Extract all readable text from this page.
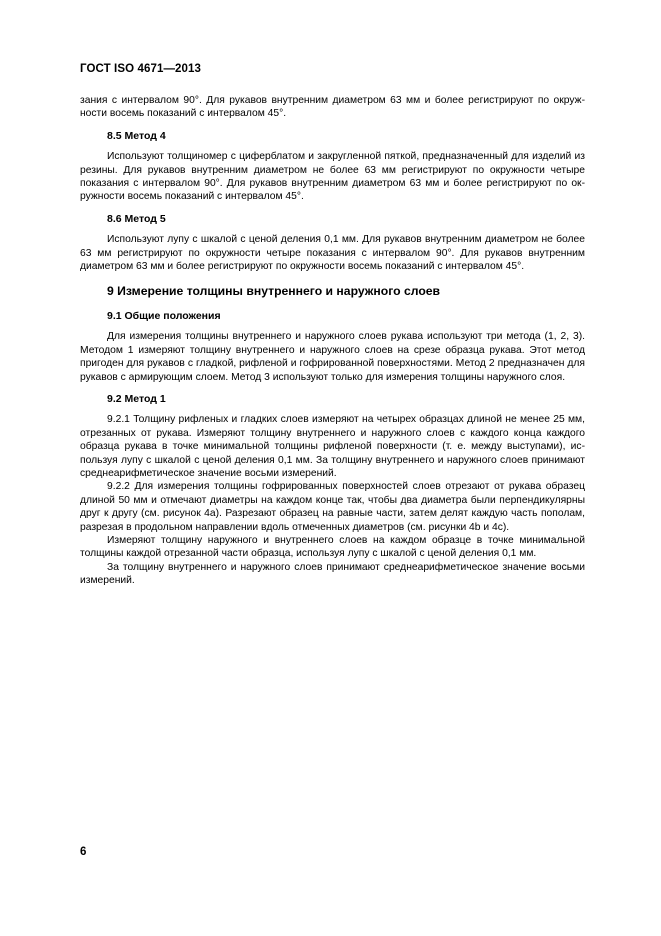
ГОСТ ISO 4671—2013

зания с интервалом 90°. Для рукавов внутренним диаметром 63 мм и более регистрируют по окружности восемь показаний с интервалом 45°.

8.5 Метод 4

Используют толщиномер с циферблатом и закругленной пяткой, предназначенный для изделий из резины. Для рукавов внутренним диаметром не более 63 мм регистрируют по окружности четыре показания с интервалом 90°. Для рукавов внутренним диаметром 63 мм и более регистрируют по окружности восемь показаний с интервалом 45°.

8.6 Метод 5

Используют лупу с шкалой с ценой деления 0,1 мм. Для рукавов внутренним диаметром не более 63 мм регистрируют по окружности четыре показания с интервалом 90°. Для рукавов внутренним диаметром 63 мм и более регистрируют по окружности восемь показаний с интервалом 45°.

9 Измерение толщины внутреннего и наружного слоев
9.1 Общие положения

Для измерения толщины внутреннего и наружного слоев рукава используют три метода (1, 2, 3). Методом 1 измеряют толщину внутреннего и наружного слоев на срезе образца рукава. Этот метод пригоден для рукавов с гладкой, рифленой и гофрированной поверхностями. Метод 2 предназначен для рукавов с армирующим слоем. Метод 3 используют только для измерения толщины наружного слоя.

9.2 Метод 1

9.2.1 Толщину рифленых и гладких слоев измеряют на четырех образцах длиной не менее 25 мм, отрезанных от рукава. Измеряют толщину внутреннего и наружного слоев с каждого конца каждого образца рукава в точке минимальной толщины рифленой поверхности (т. е. между выступами), используя лупу с шкалой с ценой деления 0,1 мм. За толщину внутреннего и наружного слоев принимают среднеарифметическое значение восьми измерений.

9.2.2 Для измерения толщины гофрированных поверхностей слоев отрезают от рукава образец длиной 50 мм и отмечают диаметры на каждом конце так, чтобы два диаметра были перпендикулярны друг к другу (см. рисунок 4а). Разрезают образец на равные части, затем делят каждую часть пополам, разрезая в продольном направлении вдоль отмеченных диаметров (см. рисунки 4b и 4c).

Измеряют толщину наружного и внутреннего слоев на каждом образце в точке минимальной толщины каждой отрезанной части образца, используя лупу с шкалой с ценой деления 0,1 мм.

За толщину внутреннего и наружного слоев принимают среднеарифметическое значение восьми измерений.

6
